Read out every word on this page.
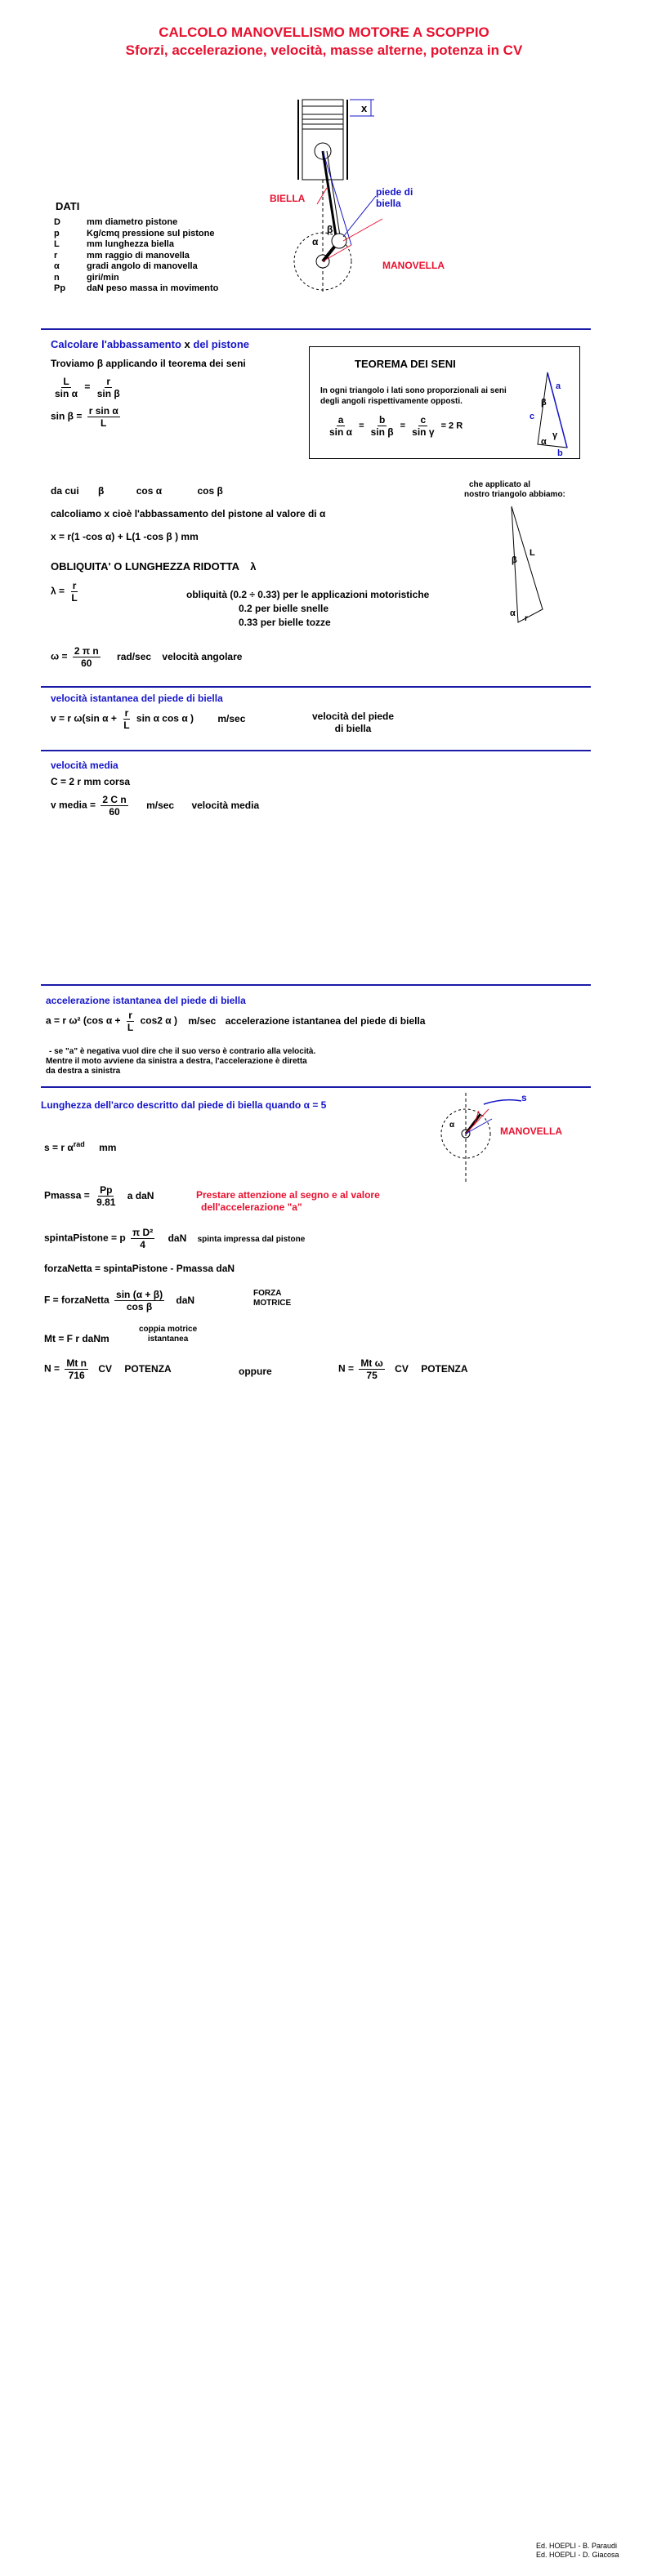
CALCOLO MANOVELLISMO MOTORE A SCOPPIO
Sforzi, accelerazione, velocità, masse alterne, potenza in CV
x
β
α
BIELLA
piede di biella
MANOVELLA
DATI
D	mm diametro pistone
p	Kg/cmq pressione sul pistone
L	mm lunghezza biella
r	mm raggio di manovella
α	gradi angolo di manovella
n	giri/min
Pp daN peso massa in movimento
Calcolare l'abbassamento x del pistone
Troviamo β applicando il teorema dei seni
$\frac{L}{\text{sin α}} = \frac{r}{\text{sin β}}$
$\sin \beta = \frac{\text{r sin α}}{L}$
TEOREMA DEI SENI
In ogni triangolo i lati sono proporzionali ai seni degli angoli rispettivamente opposti.
$\frac{a}{\text{sin α}} = \frac{b}{\text{sin β}} = \frac{c}{\text{sin γ}} = 2$ R
a
b
c
β
α
γ
da cui β	cos α	cos β
che applicato al
nostro triangolo abbiamo:
L
r
β
α
calcoliamo x cioè l'abbassamento del pistone al valore di α
x = r(1 -cos α) + L(1 -cos β ) mm
OBLIQUITA' O LUNGHEZZA RIDOTTA λ
$\lambda = \frac{r}{L}$	obliquità (0.2 ÷ 0.33) per le applicazioni motoristiche
0.2 per bielle snelle
0.33 per bielle tozze
$\omega = \frac{\text{2 π n}}{60} rad/\sec$ velocità angolare
velocità istantanea del piede di biella
v = r ω(sin $\alpha + \frac{r}{L}$ sin α cos α ) m/sec	velocità del piede
di biella
velocità media
C = 2 r mm corsa
v media = $\frac{\text{2 C n}}{60} m/\sec$ velocità media
accelerazione istantanea del piede di biella
a = r ω² (cos $\alpha + \frac{r}{L} \cos 2$ α ) m/sec accelerazione istantanea del piede di biella
- se "a" è negativa vuol dire che il suo verso è contrario alla velocità.
Mentre il moto avviene da sinistra a destra, l'accelerazione è diretta
da destra a sinistra
Lunghezza dell'arco descritto dal piede di biella quando α = 5
s = r $\alpha^{rad}$ mm
α
s
MANOVELLA
Pmassa = $\frac{Pp}{9.81}$ a daN	Prestare attenzione al segno e al valore
dell'accelerazione "a"
spintaPistone = p $\frac{\text{π D²}}{4}$ daN spinta impressa dal pistone
forzaNetta = spintaPistone - Pmassa daN
F = forzaNetta $\frac{\sin (\alpha + \beta)}{\text{cos β}}$ daN
FORZA
MOTRICE
Mt = F r daNm
coppia motrice
istantanea
$N = \frac{\text{Mt n}}{716}$ CV POTENZA	oppure	$N = \frac{\text{Mt ω}}{75}$ CV POTENZA
Ed. HOEPLI - B. Paraudi
Ed. HOEPLI - D. Giacosa
